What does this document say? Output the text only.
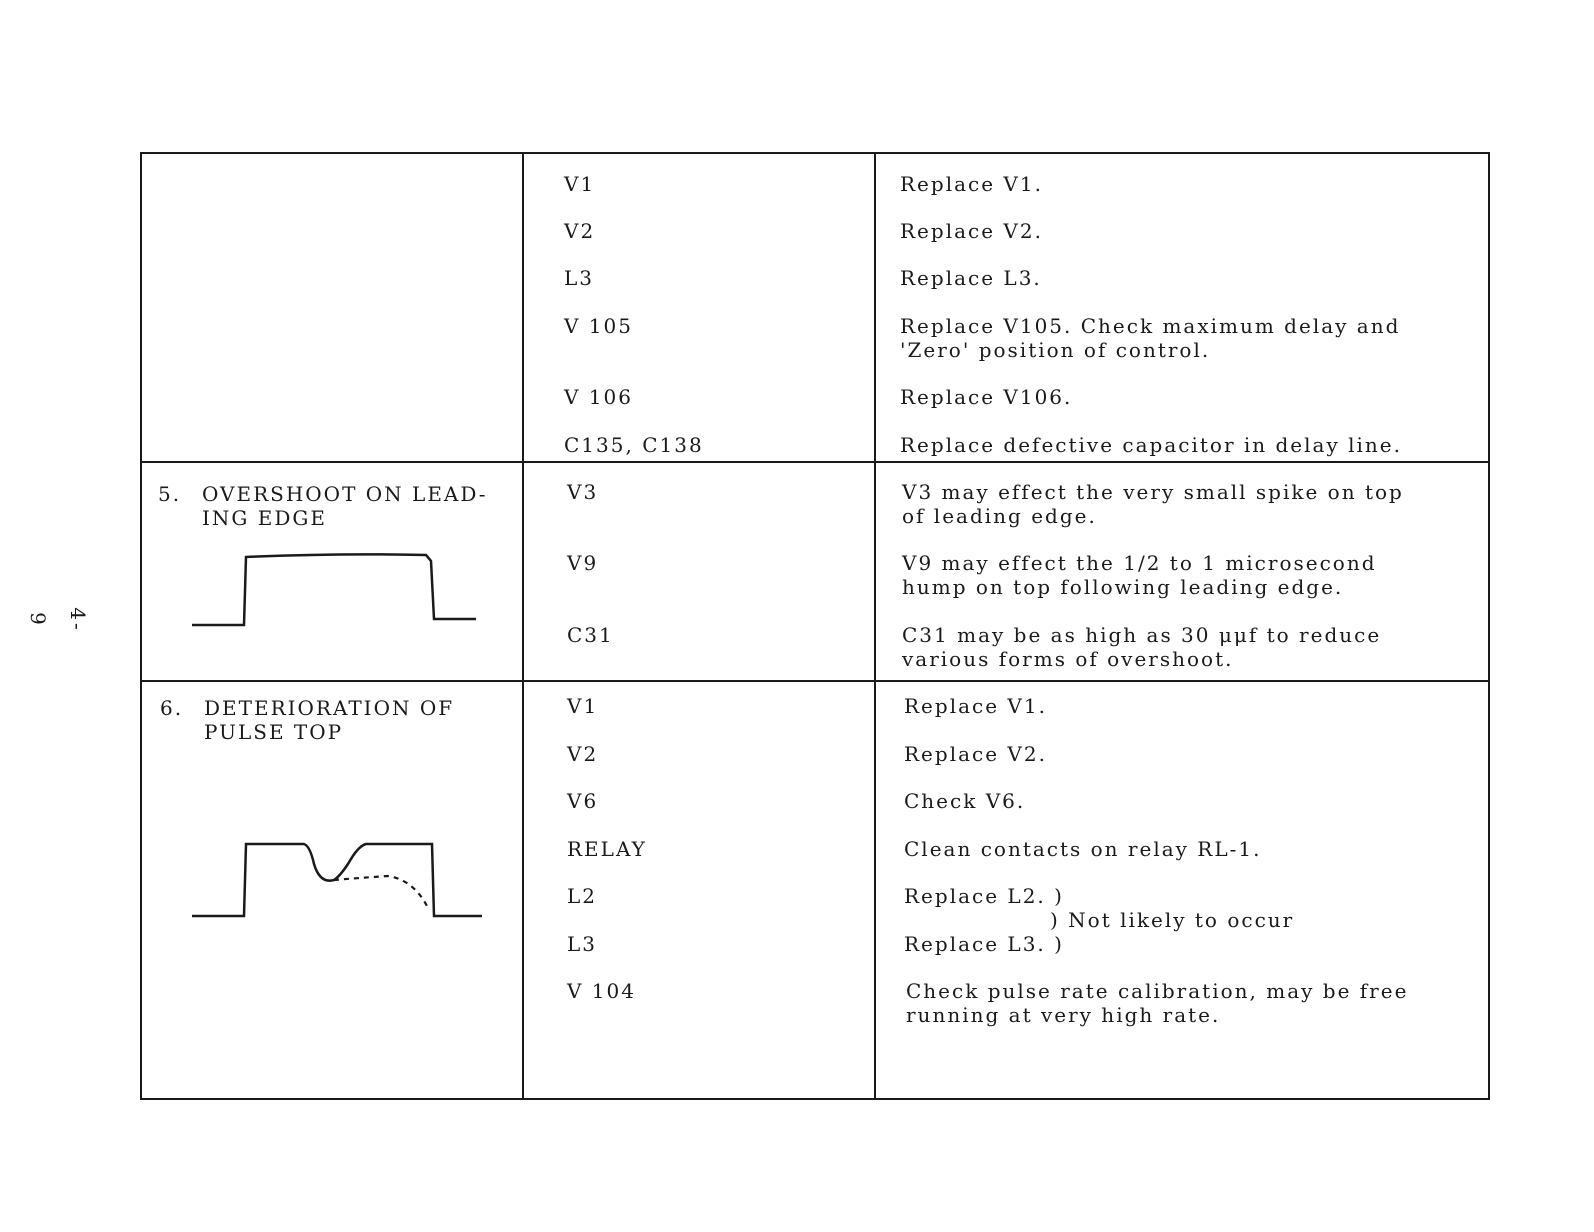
4-9
V1	Replace V1.
V2	Replace V2.
L3	Replace L3.
V 105	Replace V105. Check maximum delay and
'Zero' position of control.
V 106	Replace V106.
C135, C138	Replace defective capacitor in delay line.
5.	OVERSHOOT ON LEAD- ING EDGE
V3	V3 may effect the very small spike on top
of leading edge.
V9	V9 may effect the 1/2 to 1 microsecond
hump on top following leading edge.
C31	C31 may be as high as 30 μμf to reduce
various forms of overshoot.
6.	DETERIORATION OF PULSE TOP
V1	Replace V1.
V2	Replace V2.
V6	Check V6.
RELAY	Clean contacts on relay RL-1.
L2	Replace L2. )
) Not likely to occur
L3	Replace L3. )
V 104	Check pulse rate calibration, may be free
running at very high rate.
